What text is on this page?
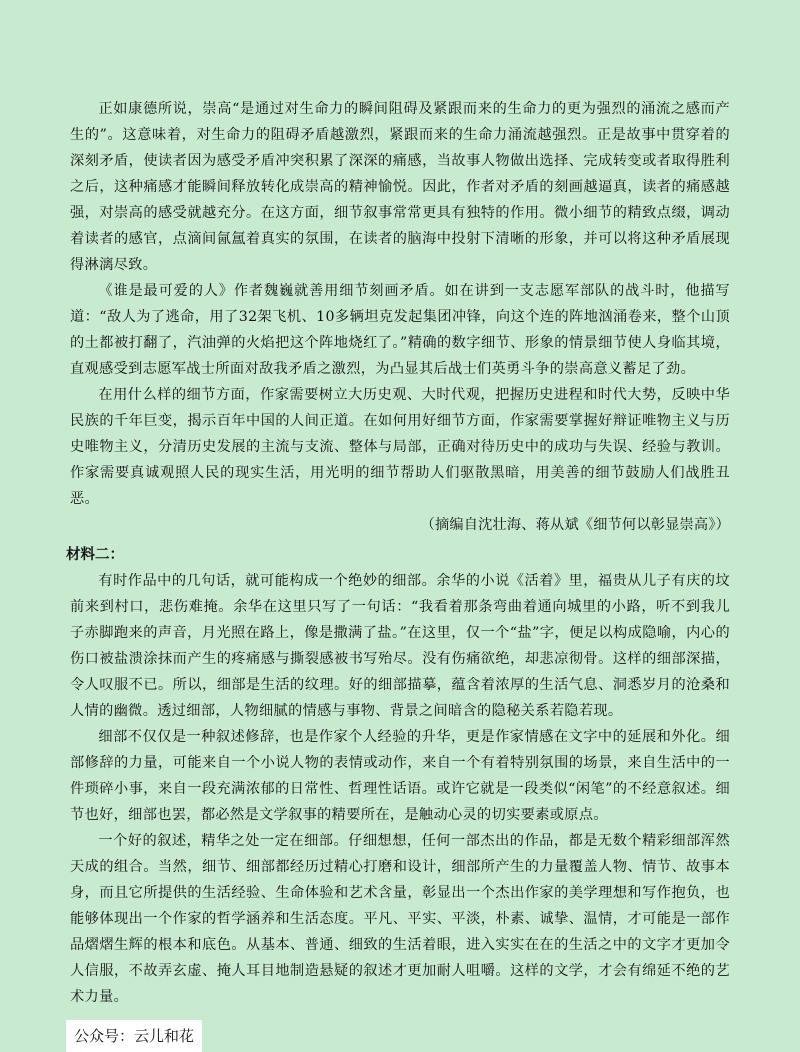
正如康德所说，崇高“是通过对生命力的瞬间阻碍及紧跟而来的生命力的更为强烈的涌流之感而产生的”。这意味着，对生命力的阻碍矛盾越激烈，紧跟而来的生命力涌流越强烈。正是故事中贯穿着的深刻矛盾，使读者因为感受矛盾冲突积累了深深的痛感，当故事人物做出选择、完成转变或者取得胜利之后，这种痛感才能瞬间释放转化成崇高的精神愉悦。因此，作者对矛盾的刻画越逼真，读者的痛感越强，对崇高的感受就越充分。在这方面，细节叙事常常更具有独特的作用。微小细节的精致点缀，调动着读者的感官，点滴间氤氲着真实的氛围，在读者的脑海中投射下清晰的形象，并可以将这种矛盾展现得淋漓尽致。

《谁是最可爱的人》作者魏巍就善用细节刻画矛盾。如在讲到一支志愿军部队的战斗时，他描写道：“敌人为了逃命，用了32架飞机、10多辆坦克发起集团冲锋，向这个连的阵地汹涌卷来，整个山顶的土都被打翻了，汽油弹的火焰把这个阵地烧红了。”精确的数字细节、形象的情景细节使人身临其境，直观感受到志愿军战士所面对敌我矛盾之激烈，为凸显其后战士们英勇斗争的崇高意义蓄足了劲。

在用什么样的细节方面，作家需要树立大历史观、大时代观，把握历史进程和时代大势，反映中华民族的千年巨变，揭示百年中国的人间正道。在如何用好细节方面，作家需要掌握好辩证唯物主义与历史唯物主义，分清历史发展的主流与支流、整体与局部，正确对待历史中的成功与失误、经验与教训。作家需要真诚观照人民的现实生活，用光明的细节帮助人们驱散黑暗，用美善的细节鼓励人们战胜丑恶。

（摘编自沈壮海、蒋从斌《细节何以彰显崇高》）
材料二：

有时作品中的几句话，就可能构成一个绝妙的细部。余华的小说《活着》里，福贵从儿子有庆的坟前来到村口，悲伤难掩。余华在这里只写了一句话：“我看着那条弯曲着通向城里的小路，听不到我儿子赤脚跑来的声音，月光照在路上，像是撒满了盐。”在这里，仅一个“盐”字，便足以构成隐喻，内心的伤口被盐溃涂抹而产生的疼痛感与撕裂感被书写殆尽。没有伤痛欲绝，却悲凉彻骨。这样的细部深描，令人叹服不已。所以，细部是生活的纹理。好的细部描摹，蕴含着浓厚的生活气息、洞悉岁月的沧桑和人情的幽微。透过细部，人物细腻的情感与事物、背景之间暗含的隐秘关系若隐若现。

细部不仅仅是一种叙述修辞，也是作家个人经验的升华，更是作家情感在文字中的延展和外化。细部修辞的力量，可能来自一个小说人物的表情或动作，来自一个有着特别氛围的场景，来自生活中的一件琐碎小事，来自一段充满浓郁的日常性、哲理性话语。或许它就是一段类似“闲笔”的不经意叙述。细节也好，细部也罢，都必然是文学叙事的精要所在，是触动心灵的切实要素或原点。

一个好的叙述，精华之处一定在细部。仔细想想，任何一部杰出的作品，都是无数个精彩细部浑然天成的组合。当然，细节、细部都经历过精心打磨和设计，细部所产生的力量覆盖人物、情节、故事本身，而且它所提供的生活经验、生命体验和艺术含量，彰显出一个杰出作家的美学理想和写作抱负，也能够体现出一个作家的哲学涵养和生活态度。平凡、平实、平淡，朴素、诚挚、温情，才可能是一部作品熠熠生辉的根本和底色。从基本、普通、细致的生活着眼，进入实实在在的生活之中的文字才更加令人信服，不故弄玄虚、掩人耳目地制造悬疑的叙述才更加耐人咀嚼。这样的文学，才会有绵延不绝的艺术力量。

公众号：云儿和花
